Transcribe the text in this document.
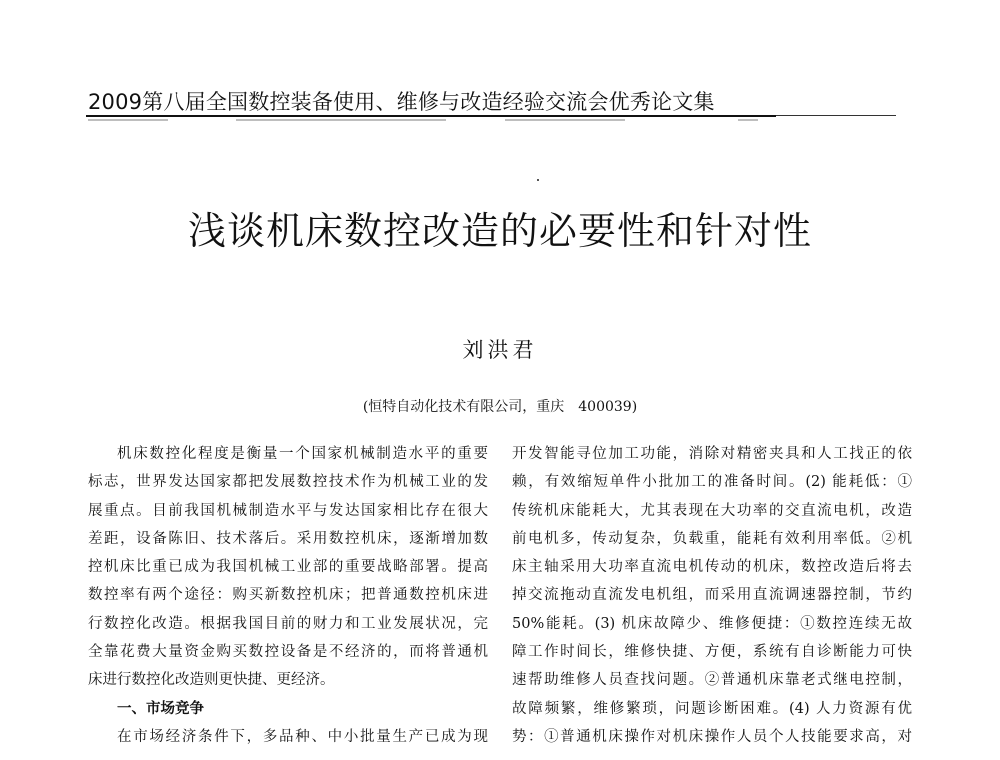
2009第八届全国数控装备使用、维修与改造经验交流会优秀论文集
浅谈机床数控改造的必要性和针对性
刘洪君
(恒特自动化技术有限公司，重庆　400039)
机床数控化程度是衡量一个国家机械制造水平的重要
标志，世界发达国家都把发展数控技术作为机械工业的发
展重点。目前我国机械制造水平与发达国家相比存在很大
差距，设备陈旧、技术落后。采用数控机床，逐渐增加数
控机床比重已成为我国机械工业部的重要战略部署。提高
数控率有两个途径：购买新数控机床；把普通数控机床进
行数控化改造。根据我国目前的财力和工业发展状况，完
全靠花费大量资金购买数控设备是不经济的，而将普通机
床进行数控化改造则更快捷、更经济。
一、市场竞争
在市场经济条件下，多品种、中小批量生产已成为现
开发智能寻位加工功能，消除对精密夹具和人工找正的依
赖，有效缩短单件小批加工的准备时间。(2) 能耗低：①
传统机床能耗大，尤其表现在大功率的交直流电机，改造
前电机多，传动复杂，负载重，能耗有效利用率低。②机
床主轴采用大功率直流电机传动的机床，数控改造后将去
掉交流拖动直流发电机组，而采用直流调速器控制，节约
50%能耗。(3) 机床故障少、维修便捷：①数控连续无故
障工作时间长，维修快捷、方便，系统有自诊断能力可快
速帮助维修人员查找问题。②普通机床靠老式继电控制，
故障频繁，维修繁琐，问题诊断困难。(4) 人力资源有优
势：①普通机床操作对机床操作人员个人技能要求高，对
